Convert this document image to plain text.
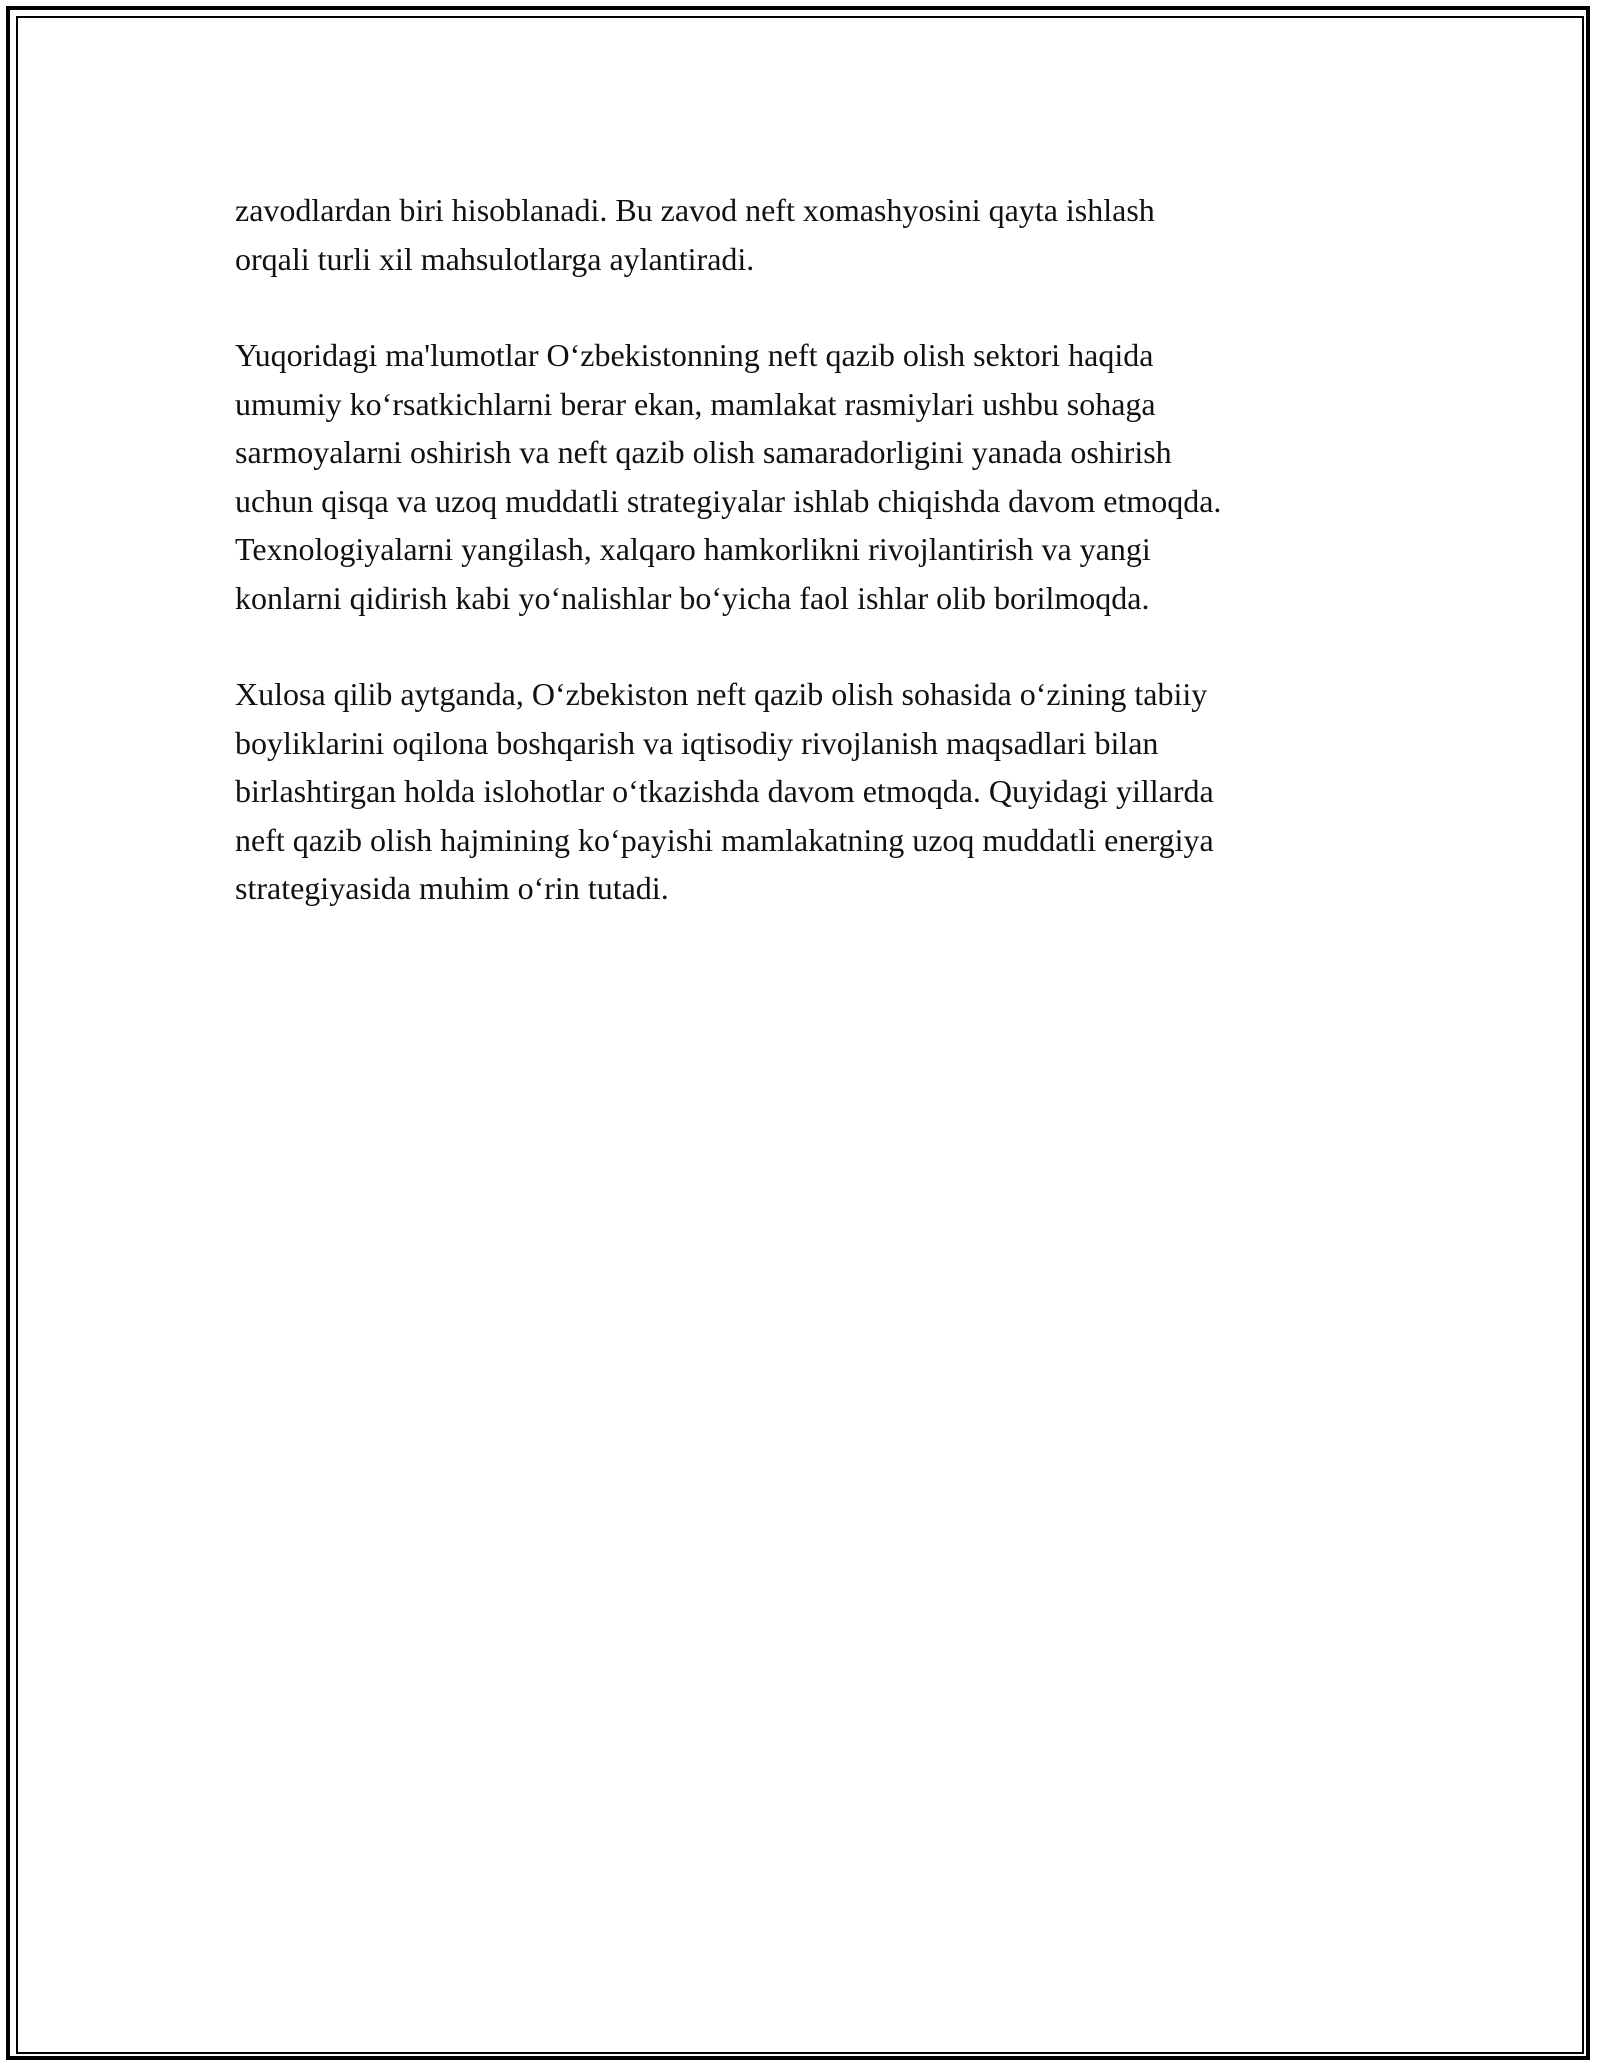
zavodlardan biri hisoblanadi. Bu zavod neft xomashyosini qayta ishlash
orqali turli xil mahsulotlarga aylantiradi.

Yuqoridagi ma'lumotlar O‘zbekistonning neft qazib olish sektori haqida
umumiy ko‘rsatkichlarni berar ekan, mamlakat rasmiylari ushbu sohaga
sarmoyalarni oshirish va neft qazib olish samaradorligini yanada oshirish
uchun qisqa va uzoq muddatli strategiyalar ishlab chiqishda davom etmoqda.
Texnologiyalarni yangilash, xalqaro hamkorlikni rivojlantirish va yangi
konlarni qidirish kabi yo‘nalishlar bo‘yicha faol ishlar olib borilmoqda.

Xulosa qilib aytganda, O‘zbekiston neft qazib olish sohasida o‘zining tabiiy
boyliklarini oqilona boshqarish va iqtisodiy rivojlanish maqsadlari bilan
birlashtirgan holda islohotlar o‘tkazishda davom etmoqda. Quyidagi yillarda
neft qazib olish hajmining ko‘payishi mamlakatning uzoq muddatli energiya
strategiyasida muhim o‘rin tutadi.
